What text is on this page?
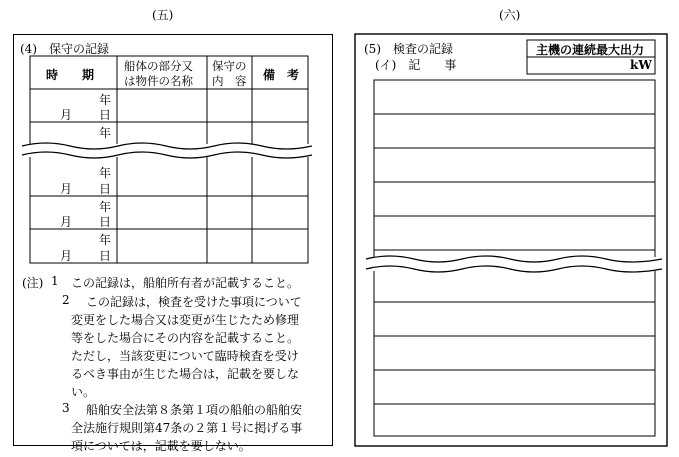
(五)	(六)
(4)　保守の記録
時　　期
船体の部分又
は物件の名称
保守の
内　容 備　考
年
月 日
年
年
月 日
年
月 日
年
月 日
(注) 1 この記録は，船舶所有者が記載すること。
2 この記録は，検査を受けた事項について
変更をした場合又は変更が生じたため修理
等をした場合にその内容を記載すること。
ただし，当該変更について臨時検査を受け
るべき事由が生じた場合は，記載を要しな
い。
3 船舶安全法第８条第１項の船舶の船舶安
全法施行規則第47条の２第１号に掲げる事
項については，記載を要しない。
(5)　検査の記録
(イ)　記　　事
主機の連続最大出力
kW
